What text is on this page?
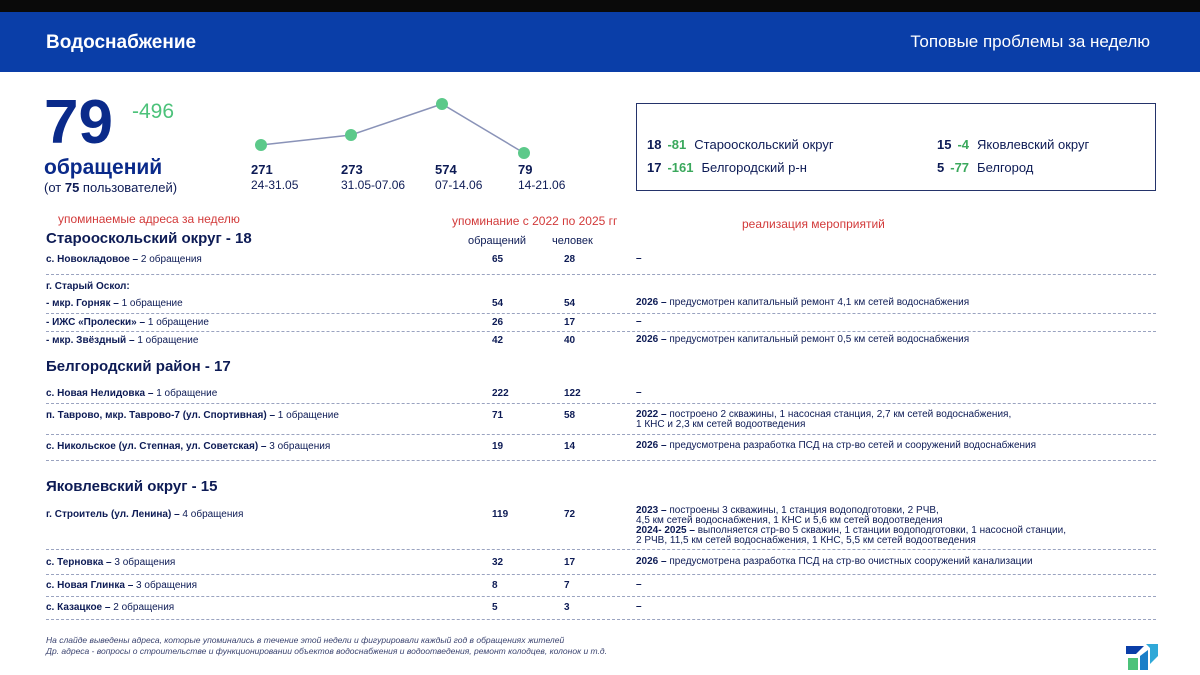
Водоснабжение	Топовые проблемы за неделю
79 -496
обращений
(от 75 пользователей)
271
24-31.05
273
31.05-07.06
574
07-14.06
79
14-21.06
18 -81 Старооскольский округ
17 -161 Белгородский р-н
15 -4 Яковлевский округ
5 -77 Белгород
упоминаемые адреса за неделю	упоминание с 2022 по 2025 гг	реализация мероприятий
обращений человек
Старооскольский округ - 18
с. Новокладовое – 2 обращения	65	28	–
г. Старый Оскол:
- мкр. Горняк – 1 обращение	54	54	2026 – предусмотрен капитальный ремонт 4,1 км сетей водоснабжения
- ИЖС «Пролески» – 1 обращение	26	17	–
- мкр. Звёздный – 1 обращение	42	40	2026 – предусмотрен капитальный ремонт 0,5 км сетей водоснабжения
Белгородский район - 17
с. Новая Нелидовка – 1 обращение	222	122	–
п. Таврово, мкр. Таврово-7 (ул. Спортивная) – 1 обращение	71	58	2022 – построено 2 скважины, 1 насосная станция, 2,7 км сетей водоснабжения,
1 КНС и 2,3 км сетей водоотведения
с. Никольское (ул. Степная, ул. Советская) – 3 обращения	19	14	2026 – предусмотрена разработка ПСД на стр-во сетей и сооружений водоснабжения
Яковлевский округ - 15
г. Строитель (ул. Ленина) – 4 обращения	119	72	2023 – построены 3 скважины, 1 станция водоподготовки, 2 РЧВ,
4,5 км сетей водоснабжения, 1 КНС и 5,6 км сетей водоотведения
2024- 2025 – выполняется стр-во 5 скважин, 1 станции водоподготовки, 1 насосной станции,
2 РЧВ, 11,5 км сетей водоснабжения, 1 КНС, 5,5 км сетей водоотведения
с. Терновка – 3 обращения	32	17	2026 – предусмотрена разработка ПСД на стр-во очистных сооружений канализации
с. Новая Глинка – 3 обращения	8	7	–
с. Казацкое – 2 обращения	5	3	–
На слайде выведены адреса, которые упоминались в течение этой недели и фигурировали каждый год в обращениях жителей
Др. адреса - вопросы о строительстве и функционировании объектов водоснабжения и водоотведения, ремонт колодцев, колонок и т.д.
